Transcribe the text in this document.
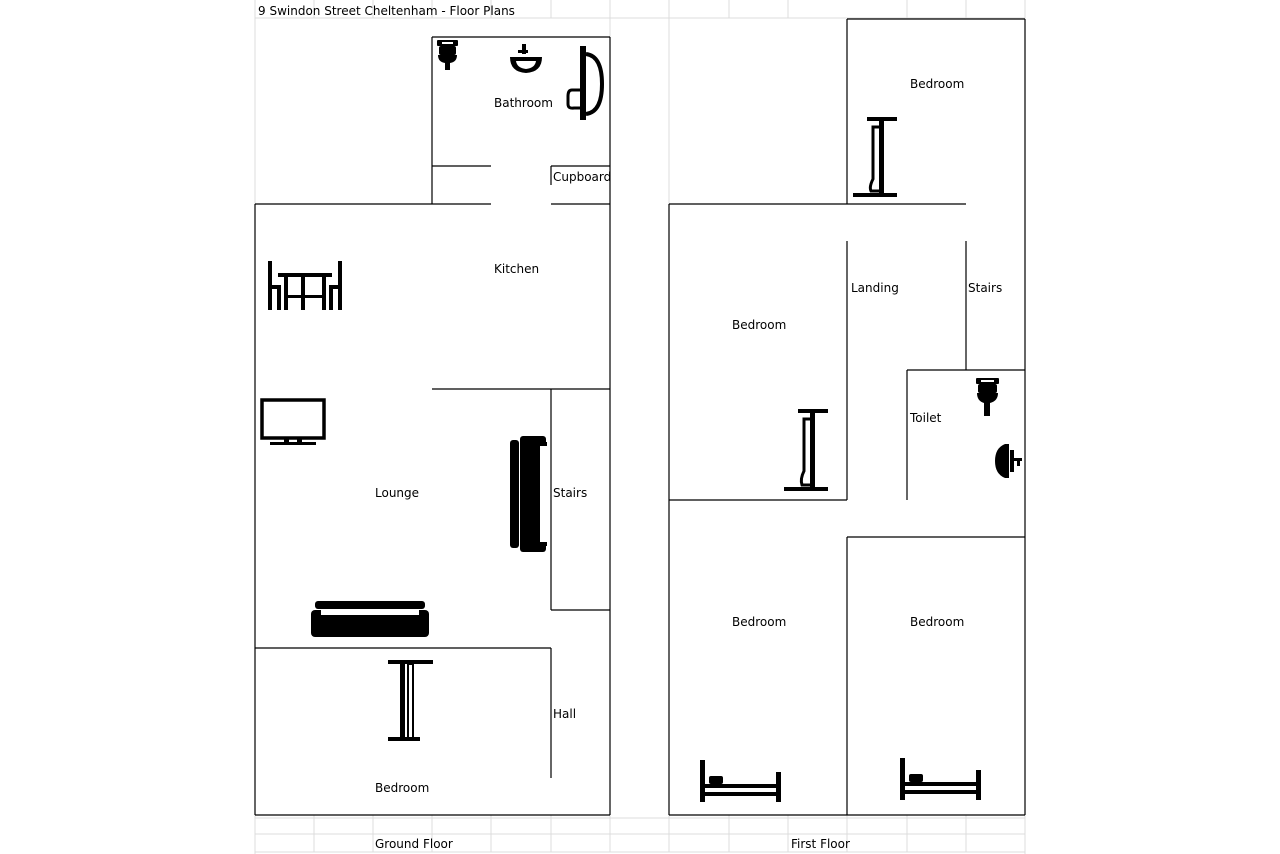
9 Swindon Street Cheltenham - Floor Plans
Bathroom
Cupboard
Kitchen
Lounge	Stairs
Hall
Bedroom
Ground Floor
Bedroom
Landing	Stairs
Bedroom
Toilet
Bedroom	Bedroom
First Floor
